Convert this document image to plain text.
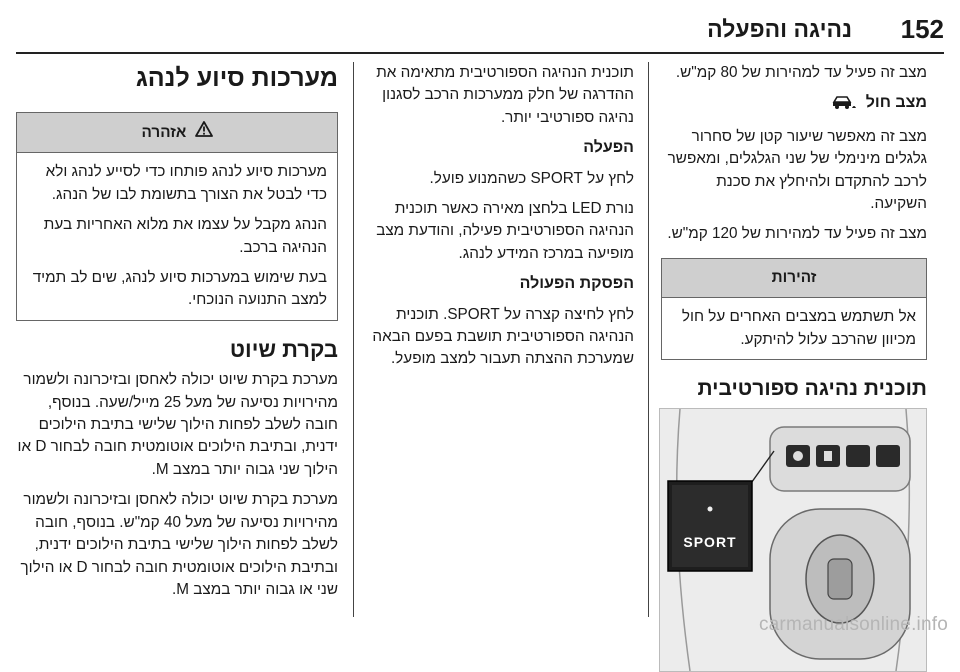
152
נהיגה והפעלה

מצב זה פעיל עד למהירות של 80 קמ"ש.

מצב חול

מצב זה מאפשר שיעור קטן של סחרור גלגלים מינימלי של שני הגלגלים, ומאפשר לרכב להתקדם ולהיחלץ את סכנת השקיעה.

מצב זה פעיל עד למהירות של 120 קמ"ש.

זהירות

אל תשתמש במצבים האחרים על חול מכיוון שהרכב עלול להיתקע.

תוכנית נהיגה ספורטיבית
SPORT

תוכנית הנהיגה הספורטיבית מתאימה את ההדרגה של חלק ממערכות הרכב לסגנון נהיגה ספורטיבי יותר.

הפעלה

לחץ על SPORT כשהמנוע פועל.

נורת LED בלחצן מאירה כאשר תוכנית הנהיגה הספורטיבית פעילה, והודעת מצב מופיעה במרכז המידע לנהג.

הפסקת הפעולה

לחץ לחיצה קצרה על SPORT. תוכנית הנהיגה הספורטיבית תושבת בפעם הבאה שמערכת ההצתה תעבור למצב מופעל.

מערכות סיוע לנהג
אזהרה

מערכות סיוע לנהג פותחו כדי לסייע לנהג ולא כדי לבטל את הצורך בתשומת לבו של הנהג.

הנהג מקבל על עצמו את מלוא האחריות בעת הנהיגה ברכב.

בעת שימוש במערכות סיוע לנהג, שים לב תמיד למצב התנועה הנוכחי.

בקרת שיוט

מערכת בקרת שיוט יכולה לאחסן ובזיכרונה ולשמור מהירויות נסיעה של מעל 25 מייל/שעה. בנוסף, חובה לשלב לפחות הילוך שלישי בתיבת הילוכים ידנית, ובתיבת הילוכים אוטומטית חובה לבחור D או הילוך שני גבוה יותר במצב M.

מערכת בקרת שיוט יכולה לאחסן ובזיכרונה ולשמור מהירויות נסיעה של מעל 40 קמ"ש. בנוסף, חובה לשלב לפחות הילוך שלישי בתיבת הילוכים ידנית, ובתיבת הילוכים אוטומטית חובה לבחור D או הילוך שני או גבוה יותר במצב M.

carmanualsonline.info
